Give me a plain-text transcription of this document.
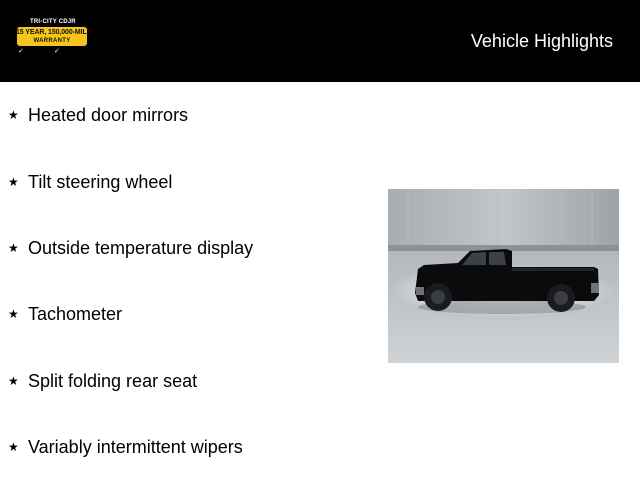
TRI-CITY CDJR
15 YEAR, 150,000-MILE
WARRANTY
✓	✓
Vehicle Highlights
★ Heated door mirrors
★ Tilt steering wheel
★ Outside temperature display
★ Tachometer
★ Split folding rear seat
★ Variably intermittent wipers
